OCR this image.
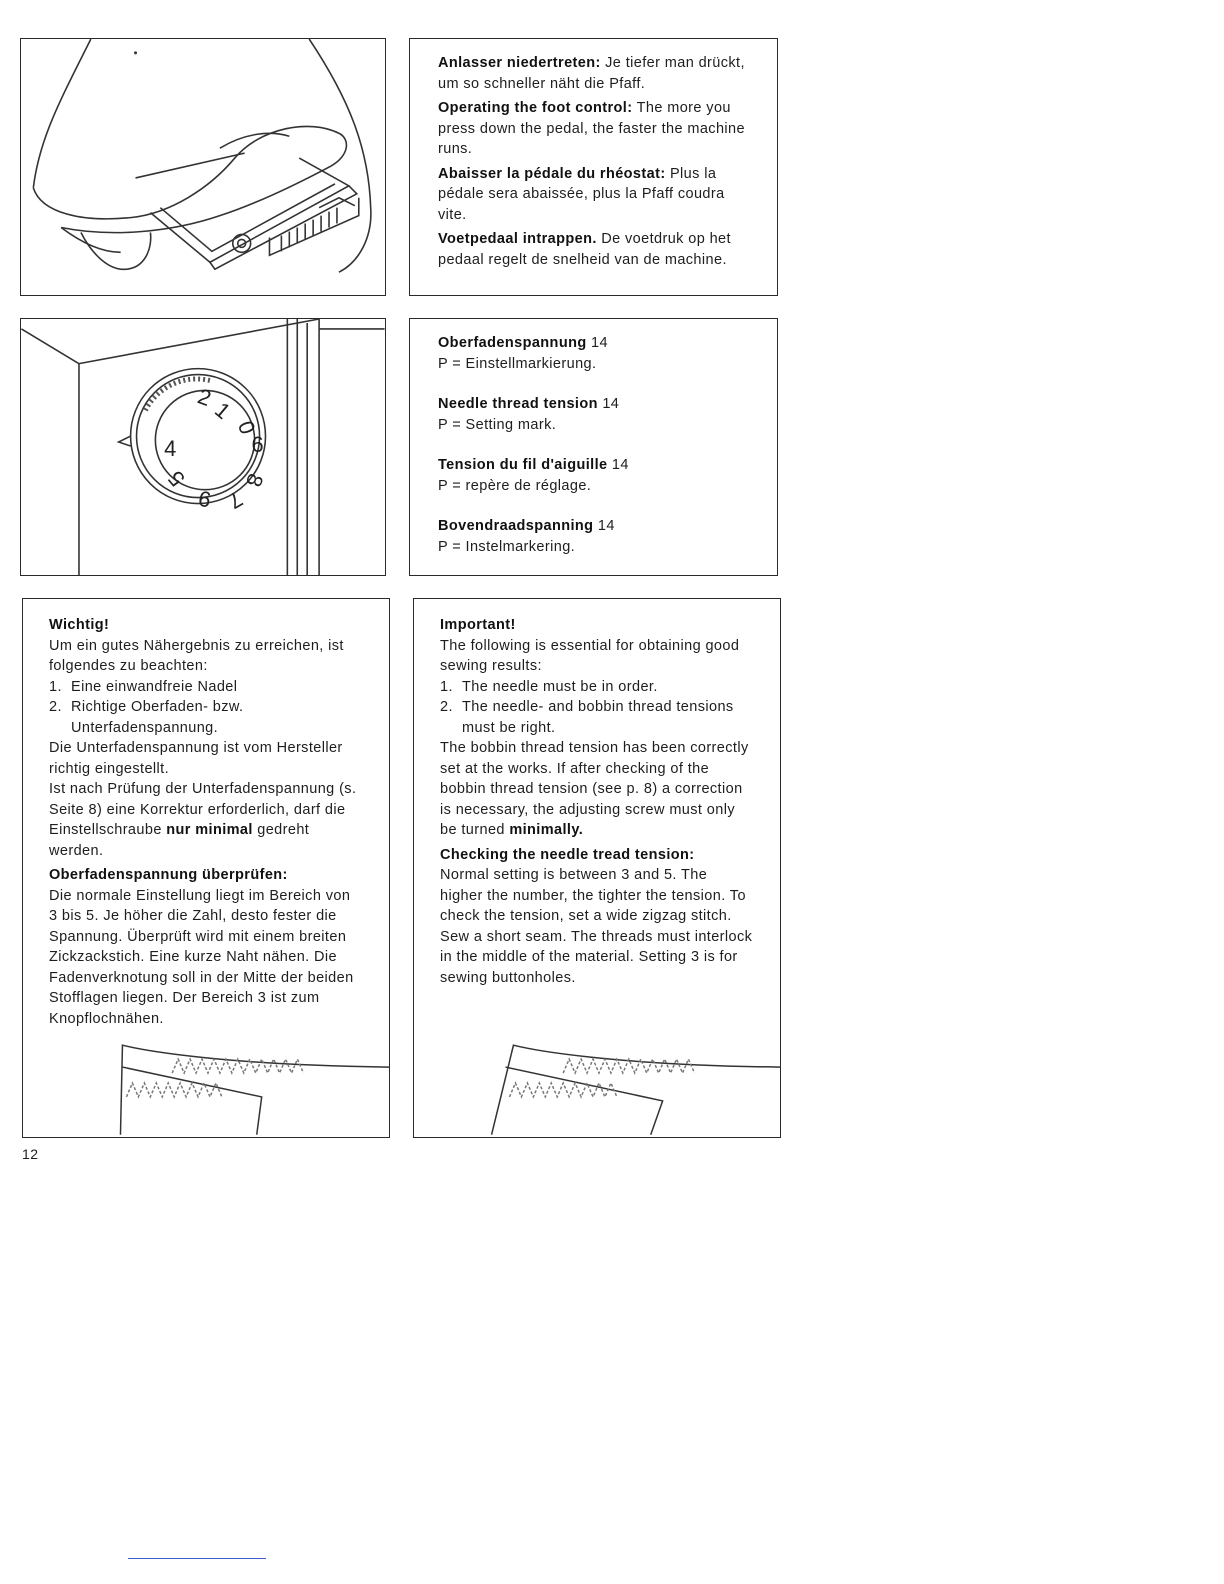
Anlasser niedertreten: Je tiefer man drückt, um so schneller näht die Pfaff.

Operating the foot control: The more you press down the pedal, the faster the machine runs.

Abaisser la pédale du rhéostat: Plus la pédale sera abaissée, plus la Pfaff coudra vite.

Voetpedaal intrappen. De voetdruk op het pedaal regelt de snelheid van de machine.

1
2
0
6
4
8
7
9
5
Oberfadenspannung 14
P = Einstellmarkierung.
Needle thread tension 14
P = Setting mark.
Tension du fil d'aiguille 14
P = repère de réglage.
Bovendraadspanning 14
P = Instelmarkering.
Wichtig!
Um ein gutes Nähergebnis zu erreichen, ist folgendes zu beachten:
1. Eine einwandfreie Nadel
2. Richtige Oberfaden- bzw. Unterfadenspannung.
Die Unterfadenspannung ist vom Hersteller richtig eingestellt.
Ist nach Prüfung der Unterfadenspannung (s. Seite 8) eine Korrektur erforderlich, darf die Einstellschraube nur minimal gedreht werden.
Oberfadenspannung überprüfen:
Die normale Einstellung liegt im Bereich von 3 bis 5. Je höher die Zahl, desto fester die Spannung. Überprüft wird mit einem breiten Zickzackstich. Eine kurze Naht nähen. Die Fadenverknotung soll in der Mitte der beiden Stofflagen liegen. Der Bereich 3 ist zum Knopflochnähen.
Important!
The following is essential for obtaining good sewing results:
1. The needle must be in order.
2. The needle- and bobbin thread tensions must be right.
The bobbin thread tension has been correctly set at the works. If after checking of the bobbin thread tension (see p. 8) a correction is necessary, the adjusting screw must only be turned minimally.
Checking the needle tread tension:
Normal setting is between 3 and 5. The higher the number, the tighter the tension. To check the tension, set a wide zigzag stitch.
Sew a short seam. The threads must interlock in the middle of the material. Setting 3 is for sewing buttonholes.
12
